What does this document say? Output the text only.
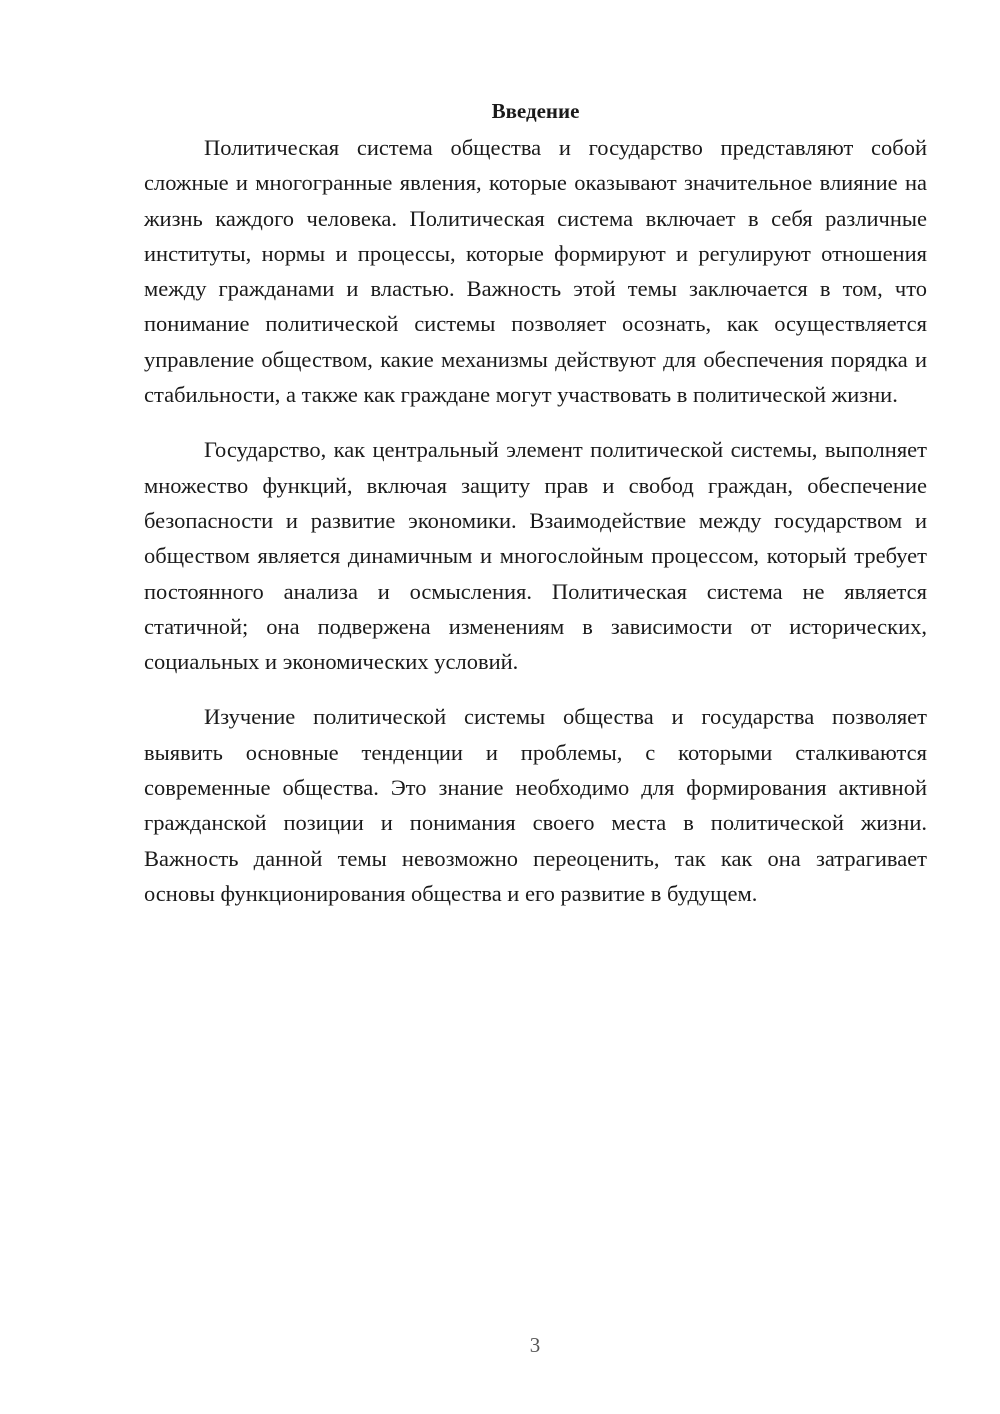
Введение

Политическая система общества и государство представляют собой сложные и многогранные явления, которые оказывают значительное влияние на жизнь каждого человека. Политическая система включает в себя различные институты, нормы и процессы, которые формируют и регулируют отношения между гражданами и властью. Важность этой темы заключается в том, что понимание политической системы позволяет осознать, как осуществляется управление обществом, какие механизмы действуют для обеспечения порядка и стабильности, а также как граждане могут участвовать в политической жизни.

Государство, как центральный элемент политической системы, выполняет множество функций, включая защиту прав и свобод граждан, обеспечение безопасности и развитие экономики. Взаимодействие между государством и обществом является динамичным и многослойным процессом, который требует постоянного анализа и осмысления. Политическая система не является статичной; она подвержена изменениям в зависимости от исторических, социальных и экономических условий.

Изучение политической системы общества и государства позволяет выявить основные тенденции и проблемы, с которыми сталкиваются современные общества. Это знание необходимо для формирования активной гражданской позиции и понимания своего места в политической жизни. Важность данной темы невозможно переоценить, так как она затрагивает основы функционирования общества и его развитие в будущем.

3
